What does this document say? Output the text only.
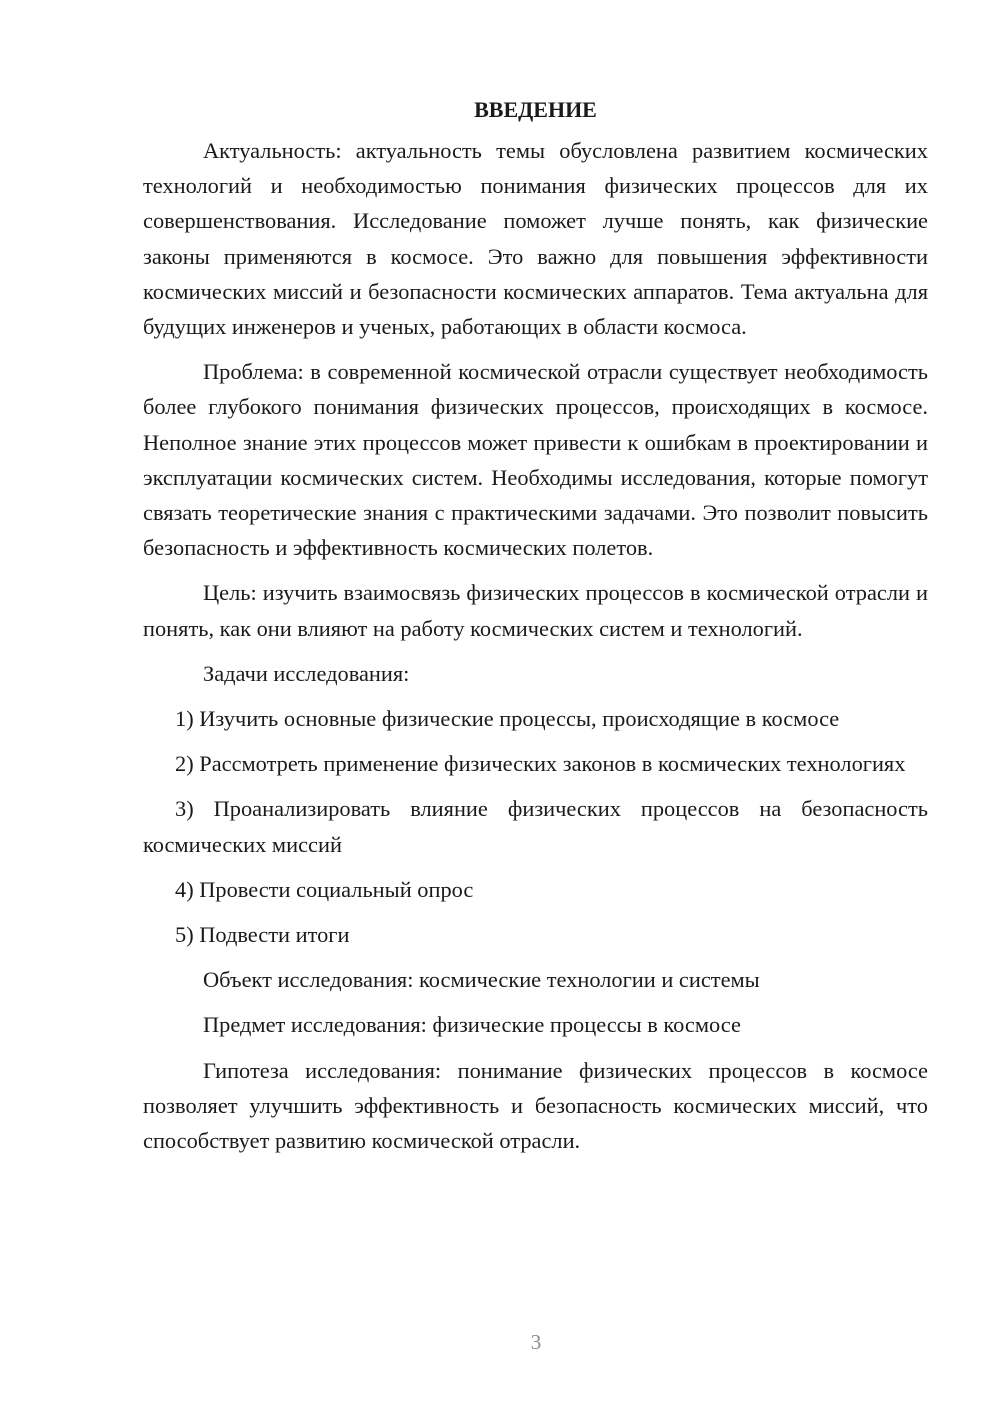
ВВЕДЕНИЕ

Актуальность: актуальность темы обусловлена развитием космических технологий и необходимостью понимания физических процессов для их совершенствования. Исследование поможет лучше понять, как физические законы применяются в космосе. Это важно для повышения эффективности космических миссий и безопасности космических аппаратов. Тема актуальна для будущих инженеров и ученых, работающих в области космоса.

Проблема: в современной космической отрасли существует необходимость более глубокого понимания физических процессов, происходящих в космосе. Неполное знание этих процессов может привести к ошибкам в проектировании и эксплуатации космических систем. Необходимы исследования, которые помогут связать теоретические знания с практическими задачами. Это позволит повысить безопасность и эффективность космических полетов.

Цель: изучить взаимосвязь физических процессов в космической отрасли и понять, как они влияют на работу космических систем и технологий.

Задачи исследования:

1) Изучить основные физические процессы, происходящие в космосе

2) Рассмотреть применение физических законов в космических технологиях

3) Проанализировать влияние физических процессов на безопасность космических миссий

4) Провести социальный опрос

5) Подвести итоги

Объект исследования: космические технологии и системы

Предмет исследования: физические процессы в космосе

Гипотеза исследования: понимание физических процессов в космосе позволяет улучшить эффективность и безопасность космических миссий, что способствует развитию космической отрасли.

3
